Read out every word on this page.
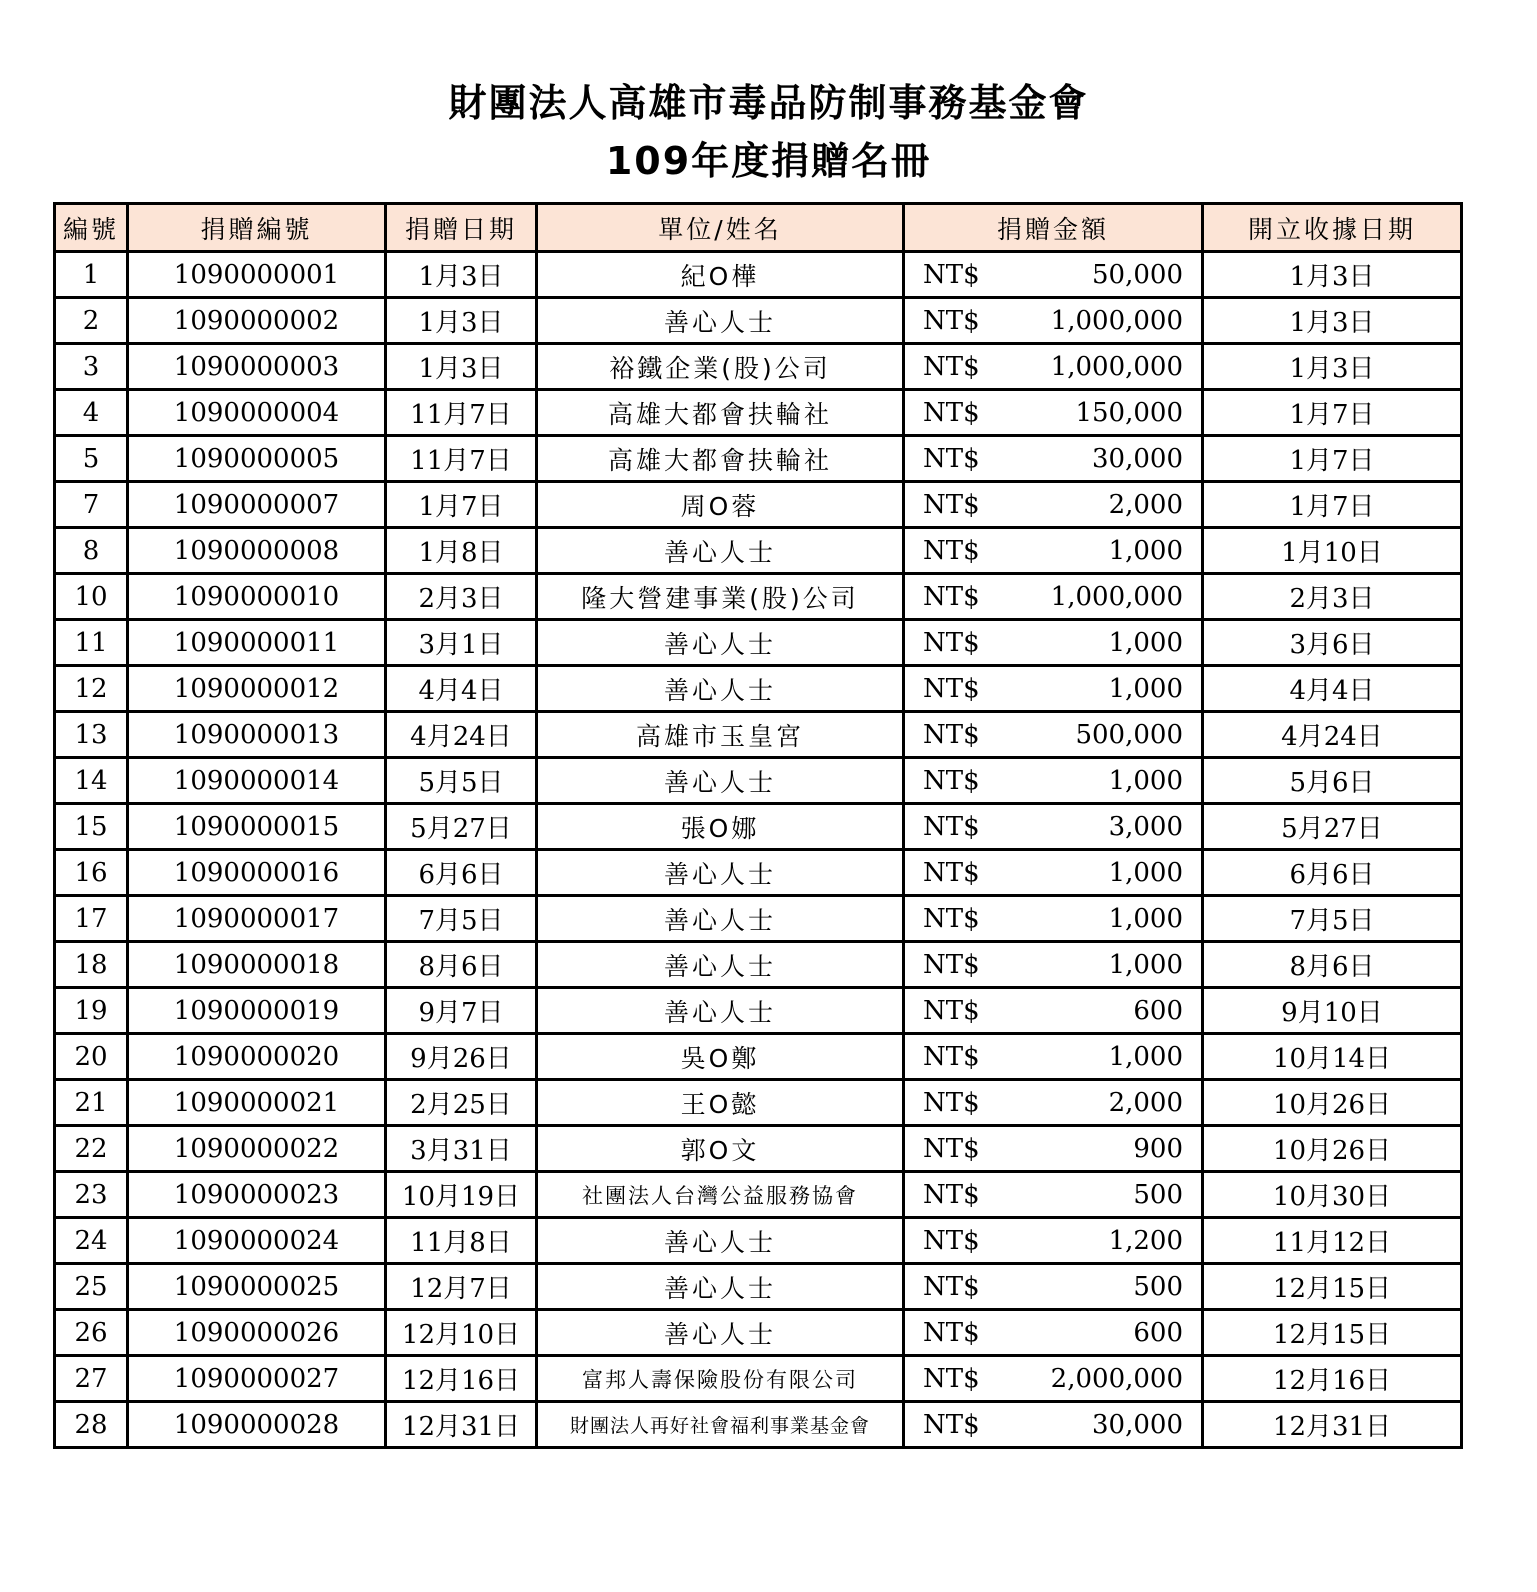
財團法人高雄市毒品防制事務基金會
109年度捐贈名冊
編號	捐贈編號	捐贈日期	單位/姓名	捐贈金額	開立收據日期
1	1090000001	1月3日	紀O樺	NT$ 50,000	1月3日
2	1090000002	1月3日	善心人士	NT$ 1,000,000	1月3日
3	1090000003	1月3日	裕鐵企業(股)公司	NT$ 1,000,000	1月3日
4	1090000004	11月7日	高雄大都會扶輪社	NT$ 150,000	1月7日
5	1090000005	11月7日	高雄大都會扶輪社	NT$ 30,000	1月7日
7	1090000007	1月7日	周O蓉	NT$ 2,000	1月7日
8	1090000008	1月8日	善心人士	NT$ 1,000	1月10日
10	1090000010	2月3日	隆大營建事業(股)公司	NT$ 1,000,000	2月3日
11	1090000011	3月1日	善心人士	NT$ 1,000	3月6日
12	1090000012	4月4日	善心人士	NT$ 1,000	4月4日
13	1090000013	4月24日	高雄市玉皇宮	NT$ 500,000	4月24日
14	1090000014	5月5日	善心人士	NT$ 1,000	5月6日
15	1090000015	5月27日	張O娜	NT$ 3,000	5月27日
16	1090000016	6月6日	善心人士	NT$ 1,000	6月6日
17	1090000017	7月5日	善心人士	NT$ 1,000	7月5日
18	1090000018	8月6日	善心人士	NT$ 1,000	8月6日
19	1090000019	9月7日	善心人士	NT$ 600	9月10日
20	1090000020	9月26日	吳O鄭	NT$ 1,000	10月14日
21	1090000021	2月25日	王O懿	NT$ 2,000	10月26日
22	1090000022	3月31日	郭O文	NT$ 900	10月26日
23	1090000023	10月19日	社團法人台灣公益服務協會	NT$ 500	10月30日
24	1090000024	11月8日	善心人士	NT$ 1,200	11月12日
25	1090000025	12月7日	善心人士	NT$ 500	12月15日
26	1090000026	12月10日	善心人士	NT$ 600	12月15日
27	1090000027	12月16日	富邦人壽保險股份有限公司	NT$ 2,000,000	12月16日
28	1090000028	12月31日	財團法人再好社會福利事業基金會	NT$ 30,000	12月31日
